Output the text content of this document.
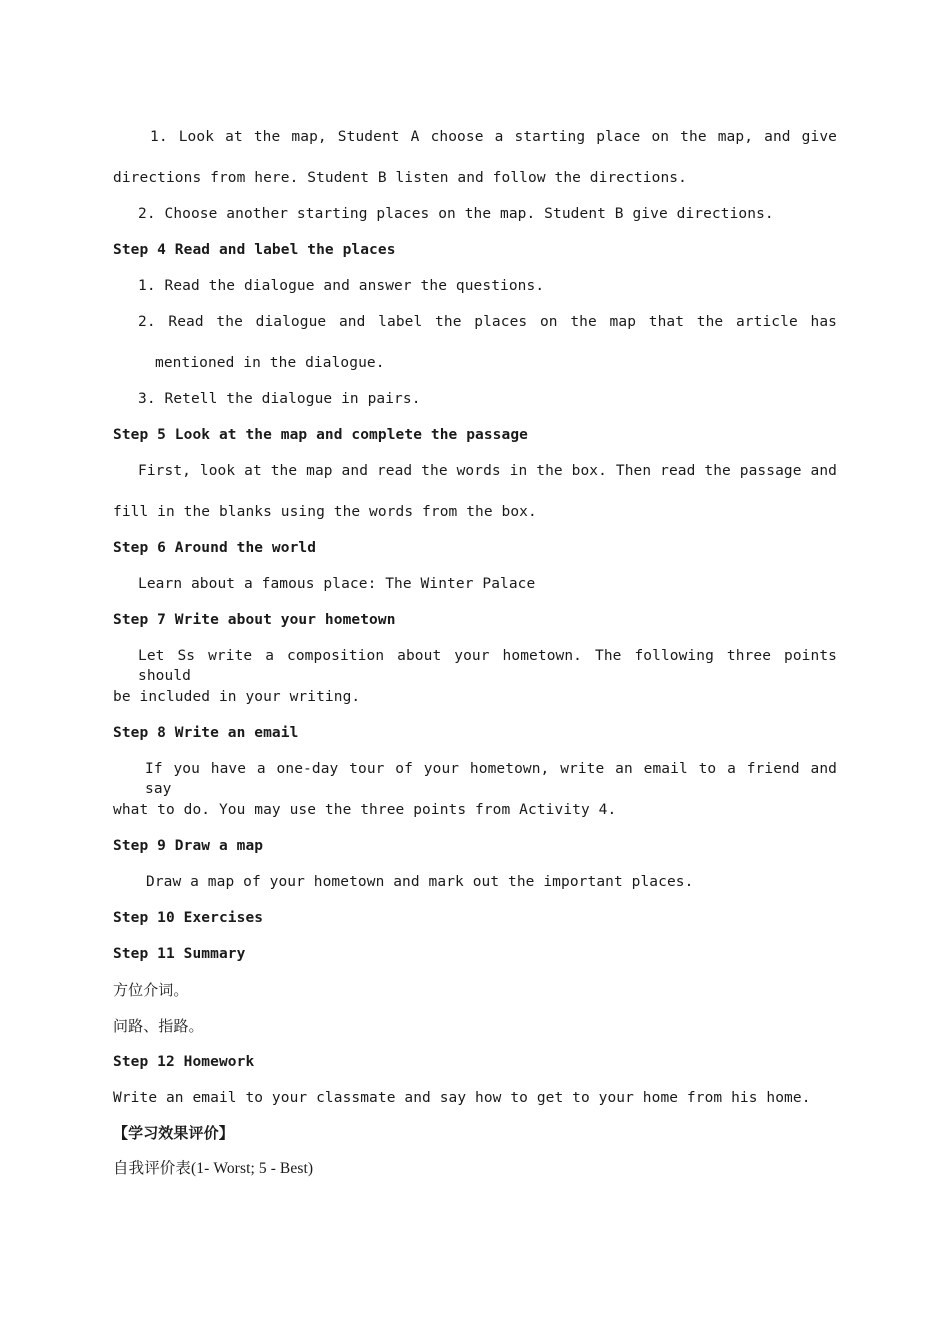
1. Look at the map, Student A choose a starting place on the map, and give
directions from here. Student B listen and follow the directions.
2. Choose another starting places on the map. Student B give directions.
Step 4 Read and label the places
1. Read the dialogue and answer the questions.
2. Read the dialogue and label the places on the map that the article has
mentioned in the dialogue.
3. Retell the dialogue in pairs.
Step 5 Look at the map and complete the passage
First, look at the map and read the words in the box. Then read the passage and
fill in the blanks using the words from the box.
Step 6 Around the world
Learn about a famous place: The Winter Palace
Step 7 Write about your hometown
Let Ss write a composition about your hometown. The following three points should
be included in your writing.
Step 8 Write an email
If you have a one-day tour of your hometown, write an email to a friend and say
what to do. You may use the three points from Activity 4.
Step 9 Draw a map
Draw a map of your hometown and mark out the important places.
Step 10 Exercises
Step 11 Summary
方位介词。
问路、指路。
Step 12 Homework
Write an email to your classmate and say how to get to your home from his home.
【学习效果评价】
自我评价表(1- Worst; 5 - Best)
